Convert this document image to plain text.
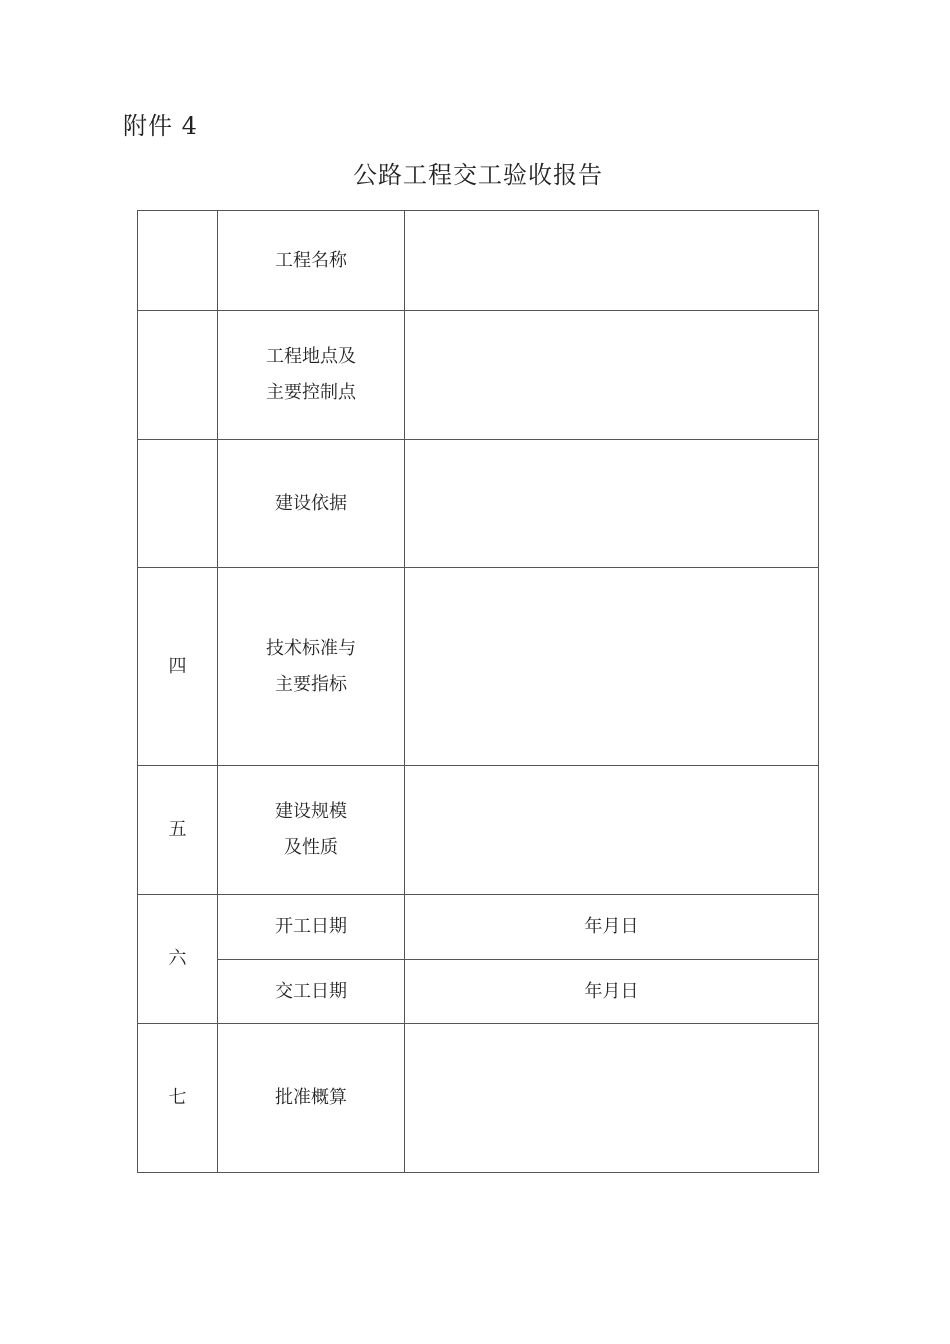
附件 4
公路工程交工验收报告

	工程名称	

	工程地点及
主要控制点	

	建设依据	

四	技术标准与
主要指标	

五	建设规模
及性质	

六	开工日期	年月日
	交工日期	年月日
七	批准概算	
